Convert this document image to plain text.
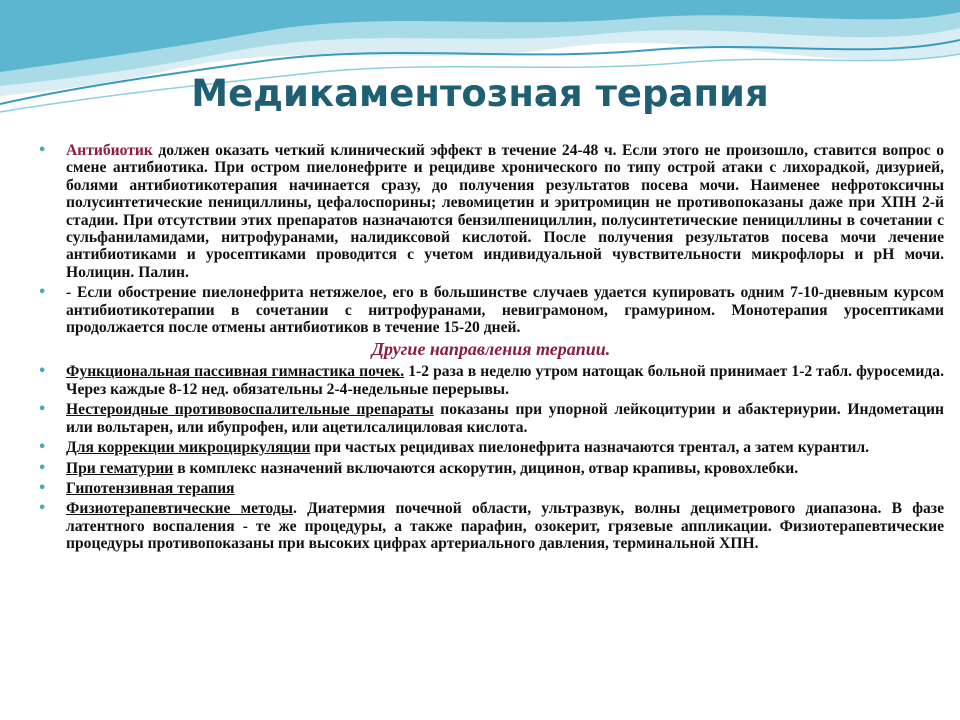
Медикаментозная терапия
•	Антибиотик должен оказать четкий клинический эффект в течение 24-48 ч. Если этого не произошло, ставится вопрос о смене антибиотика. При остром пиелонефрите и рецидиве хронического по типу острой атаки с лихорадкой, дизурией, болями антибиотикотерапия начинается сразу, до получения результатов посева мочи. Наименее нефротоксичны полусинтетические пенициллины, цефалоспорины; левомицетин и эритромицин не противопоказаны даже при ХПН 2-й стадии. При отсутствии этих препаратов назначаются бензилпенициллин, полусинтетические пенициллины в сочетании с сульфаниламидами, нитрофуранами, налидиксовой кислотой. После получения результатов посева мочи лечение антибиотиками и уросептиками проводится с учетом индивидуальной чувствительности микрофлоры и рН мочи. Нолицин. Палин.
•	- Если обострение пиелонефрита нетяжелое, его в большинстве случаев удается купировать одним 7-10-дневным курсом антибиотикотерапии в сочетании с нитрофуранами, невиграмоном, грамурином. Монотерапия уросептиками продолжается после отмены антибиотиков в течение 15-20 дней.
Другие направления терапии.
•	Функциональная пассивная гимнастика почек. 1-2 раза в неделю утром натощак больной принимает 1-2 табл. фуросемида. Через каждые 8-12 нед. обязательны 2-4-недельные перерывы.
•	Нестероидные противовоспалительные препараты показаны при упорной лейкоцитурии и абактериурии. Индометацин или вольтарен, или ибупрофен, или ацетилсалициловая кислота.
•	Для коррекции микроциркуляции при частых рецидивах пиелонефрита назначаются трентал, а затем курантил.
•	При гематурии в комплекс назначений включаются аскорутин, дицинон, отвар крапивы, кровохлебки.
•	Гипотензивная терапия
•	Физиотерапевтические методы. Диатермия почечной области, ультразвук, волны дециметрового диапазона. В фазе латентного воспаления - те же процедуры, а также парафин, озокерит, грязевые аппликации. Физиотерапевтические процедуры противопоказаны при высоких цифрах артериального давления, терминальной ХПН.
